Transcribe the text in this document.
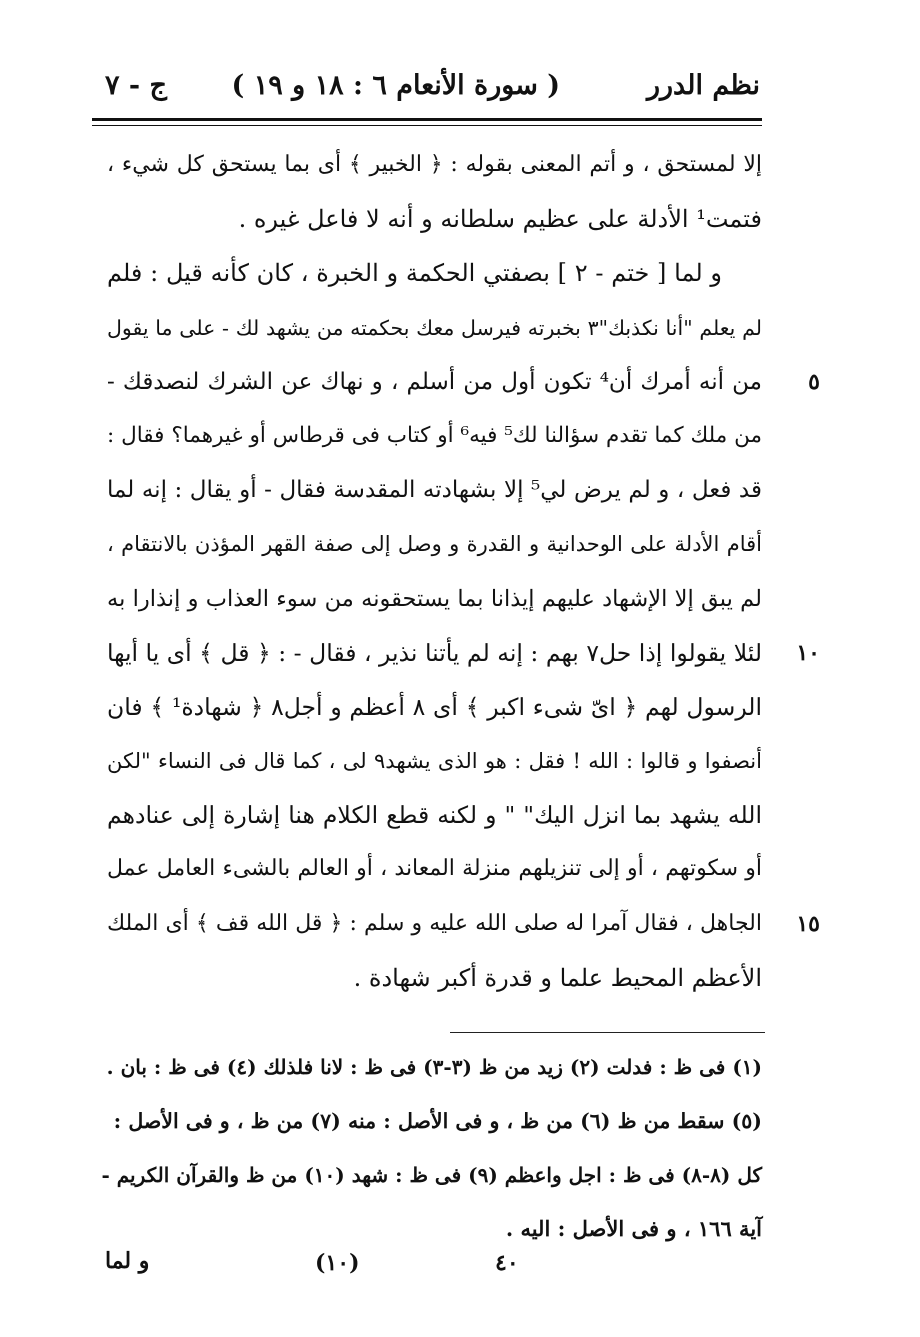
نظم الدرر
( سورة الأنعام ٦ : ١٨ و ١٩ )
ج - ٧
إلا لمستحق ، و أتم المعنى بقوله : ﴿ الخبير ﴾ أى بما يستحق كل شيء ،
فتمت¹ الأدلة على عظيم سلطانه و أنه لا فاعل غيره .
و لما [ ختم - ٢ ] بصفتي الحكمة و الخبرة ، كان كأنه قيل : فلم
لم يعلم "أنا نكذبك"٣ بخبرته فيرسل معك بحكمته من يشهد لك - على ما يقول
٥
من أنه أمرك أن⁴ تكون أول من أسلم ، و نهاك عن الشرك لنصدقك -
من ملك كما تقدم سؤالنا لك⁵ فيه⁶ أو كتاب فى قرطاس أو غيرهما؟ فقال :
قد فعل ، و لم يرض لي⁵ إلا بشهادته المقدسة فقال - أو يقال : إنه لما
أقام الأدلة على الوحدانية و القدرة و وصل إلى صفة القهر المؤذن بالانتقام ،
لم يبق إلا الإشهاد عليهم إيذانا بما يستحقونه من سوء العذاب و إنذارا به
١٠
لئلا يقولوا إذا حل٧ بهم : إنه لم يأتنا نذير ، فقال - : ﴿ قل ﴾ أى يا أيها
الرسول لهم ﴿ اىّ شىء اكبر ﴾ أى ٨ أعظم و أجل٨ ﴿ شهادة¹ ﴾ فان
أنصفوا و قالوا : الله ! فقل : هو الذى يشهد٩ لى ، كما قال فى النساء "لكن
الله يشهد بما انزل اليك" " و لكنه قطع الكلام هنا إشارة إلى عنادهم
أو سكوتهم ، أو إلى تنزيلهم منزلة المعاند ، أو العالم بالشىء العامل عمل
١٥
الجاهل ، فقال آمرا له صلى الله عليه و سلم : ﴿ قل الله قف ﴾ أى الملك
الأعظم المحيط علما و قدرة أكبر شهادة .
(١) فى ظ : فدلت (٢) زيد من ظ (٣-٣) فى ظ : لانا فلذلك (٤) فى ظ : بان .
(٥) سقط من ظ (٦) من ظ ، و فى الأصل : منه (٧) من ظ ، و فى الأصل :
كل (٨-٨) فى ظ : اجل واعظم (٩) فى ظ : شهد (١٠) من ظ والقرآن الكريم -
آية ١٦٦ ، و فى الأصل : اليه .
و لما	(١٠)	٤٠
